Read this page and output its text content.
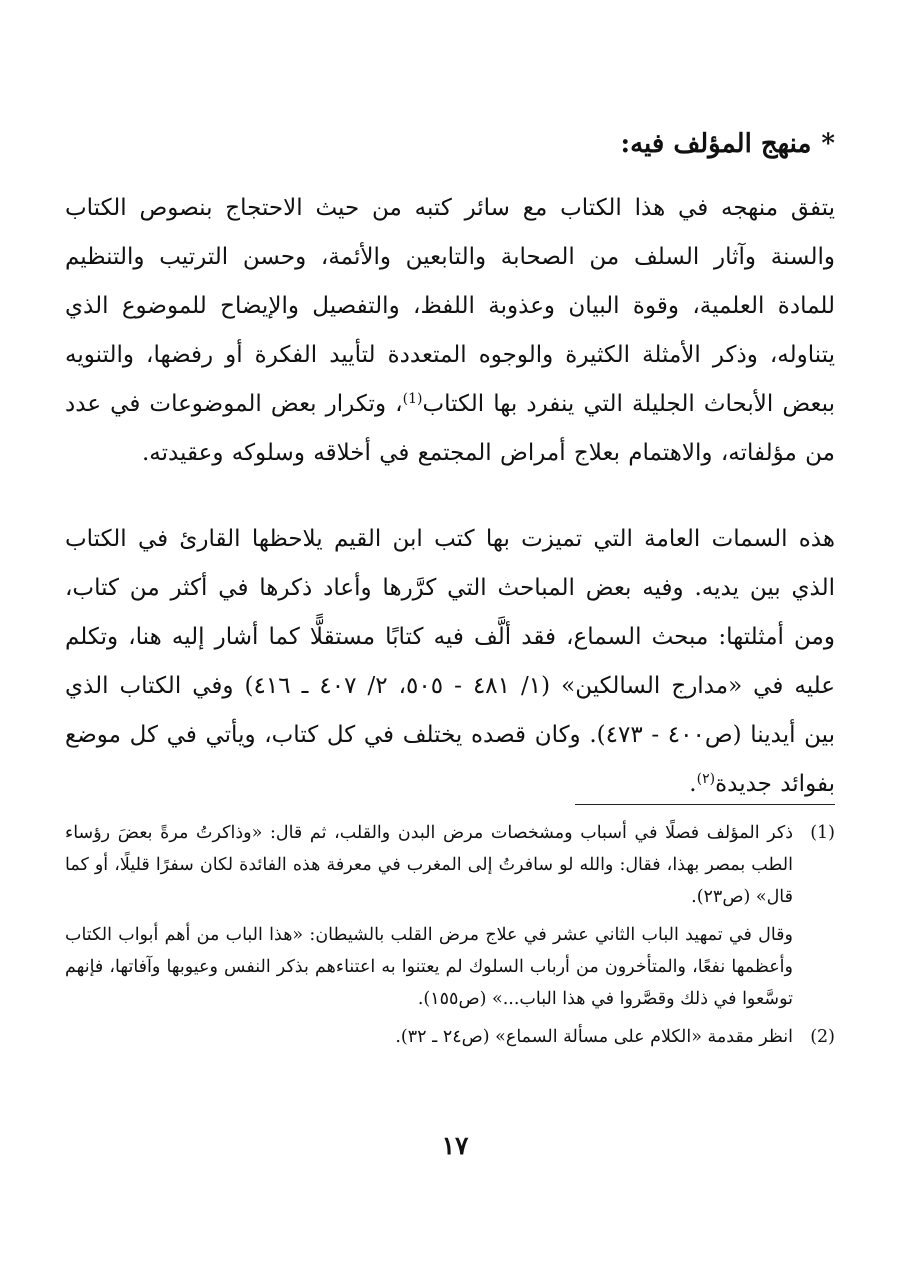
*منهج المؤلف فيه:

يتفق منهجه في هذا الكتاب مع سائر كتبه من حيث الاحتجاج بنصوص الكتاب والسنة وآثار السلف من الصحابة والتابعين والأئمة، وحسن الترتيب والتنظيم للمادة العلمية، وقوة البيان وعذوبة اللفظ، والتفصيل والإيضاح للموضوع الذي يتناوله، وذكر الأمثلة الكثيرة والوجوه المتعددة لتأييد الفكرة أو رفضها، والتنويه ببعض الأبحاث الجليلة التي ينفرد بها الكتاب$^{(1)}$، وتكرار بعض الموضوعات في عدد من مؤلفاته، والاهتمام بعلاج أمراض المجتمع في أخلاقه وسلوكه وعقيدته.

هذه السمات العامة التي تميزت بها كتب ابن القيم يلاحظها القارئ في الكتاب الذي بين يديه. وفيه بعض المباحث التي كرَّرها وأعاد ذكرها في أكثر من كتاب، ومن أمثلتها: مبحث السماع، فقد ألَّف فيه كتابًا مستقلًّا كما أشار إليه هنا، وتكلم عليه في «مدارج السالكين» (١/ ٤٨١ - ٥٠٥، ٢/ ٤٠٧ ـ ٤١٦) وفي الكتاب الذي بين أيدينا (ص٤٠٠ - ٤٧٣). وكان قصده يختلف في كل كتاب، ويأتي في كل موضع بفوائد جديدة$^{(٢)}$.

(1)

ذكر المؤلف فصلًا في أسباب ومشخصات مرض البدن والقلب، ثم قال: «وذاكرتُ مرةً بعضَ رؤساء الطب بمصر بهذا، فقال: والله لو سافرتُ إلى المغرب في معرفة هذه الفائدة لكان سفرًا قليلًا، أو كما قال» (ص٢٣).

وقال في تمهيد الباب الثاني عشر في علاج مرض القلب بالشيطان: «هذا الباب من أهم أبواب الكتاب وأعظمها نفعًا، والمتأخرون من أرباب السلوك لم يعتنوا به اعتناءهم بذكر النفس وعيوبها وآفاتها، فإنهم توسَّعوا في ذلك وقصَّروا في هذا الباب...» (ص١٥٥).

(2)

انظر مقدمة «الكلام على مسألة السماع» (ص٢٤ ـ ٣٢).

١٧
